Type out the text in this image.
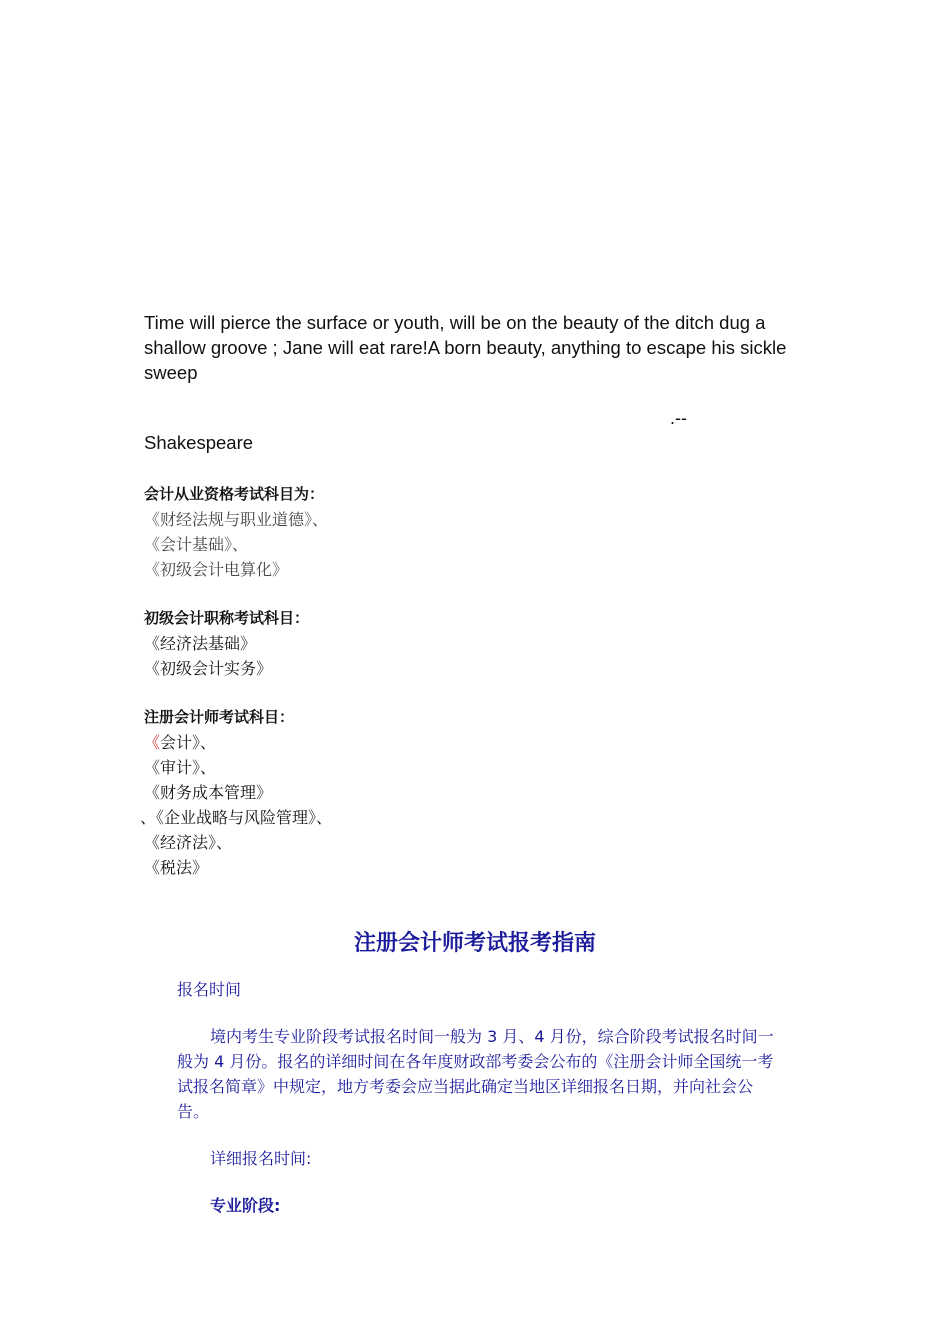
Time will pierce the surface or youth, will be on the beauty of the ditch dug a shallow groove ; Jane will eat rare!A born beauty, anything to escape his sickle sweep
.--
Shakespeare
会计从业资格考试科目为：
《财经法规与职业道德》、
《会计基础》、
《初级会计电算化》
初级会计职称考试科目：
《经济法基础》
《初级会计实务》
注册会计师考试科目：
《会计》、
《审计》、
《财务成本管理》
、《企业战略与风险管理》、
《经济法》、
《税法》
注册会计师考试报考指南
报名时间
境内考生专业阶段考试报名时间一般为 3 月、4 月份，综合阶段考试报名时间一般为 4 月份。报名的详细时间在各年度财政部考委会公布的《注册会计师全国统一考试报名简章》中规定，地方考委会应当据此确定当地区详细报名日期，并向社会公告。
详细报名时间:
专业阶段:
